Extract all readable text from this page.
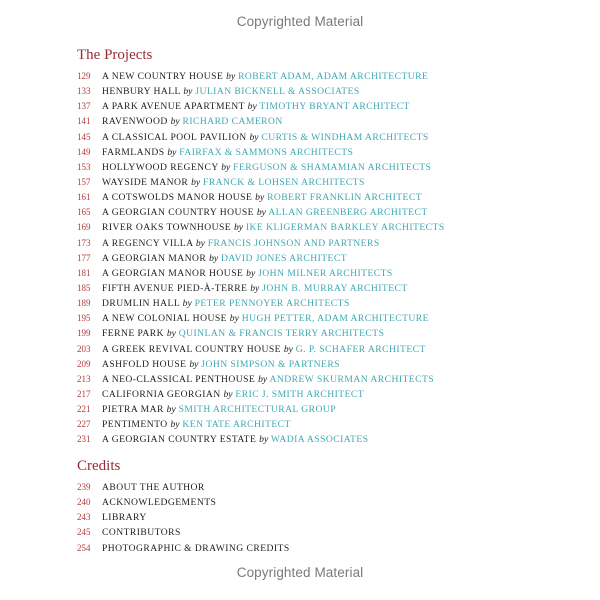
Copyrighted Material
The Projects
129 A NEW COUNTRY HOUSE by ROBERT ADAM, ADAM ARCHITECTURE
133 HENBURY HALL by JULIAN BICKNELL & ASSOCIATES
137 A PARK AVENUE APARTMENT by TIMOTHY BRYANT ARCHITECT
141 RAVENWOOD by RICHARD CAMERON
145 A CLASSICAL POOL PAVILION by CURTIS & WINDHAM ARCHITECTS
149 FARMLANDS by FAIRFAX & SAMMONS ARCHITECTS
153 HOLLYWOOD REGENCY by FERGUSON & SHAMAMIAN ARCHITECTS
157 WAYSIDE MANOR by FRANCK & LOHSEN ARCHITECTS
161 A COTSWOLDS MANOR HOUSE by ROBERT FRANKLIN ARCHITECT
165 A GEORGIAN COUNTRY HOUSE by ALLAN GREENBERG ARCHITECT
169 RIVER OAKS TOWNHOUSE by IKE KLIGERMAN BARKLEY ARCHITECTS
173 A REGENCY VILLA by FRANCIS JOHNSON AND PARTNERS
177 A GEORGIAN MANOR by DAVID JONES ARCHITECT
181 A GEORGIAN MANOR HOUSE by JOHN MILNER ARCHITECTS
185 FIFTH AVENUE PIED-À-TERRE by JOHN B. MURRAY ARCHITECT
189 DRUMLIN HALL by PETER PENNOYER ARCHITECTS
195 A NEW COLONIAL HOUSE by HUGH PETTER, ADAM ARCHITECTURE
199 FERNE PARK by QUINLAN & FRANCIS TERRY ARCHITECTS
203 A GREEK REVIVAL COUNTRY HOUSE by G. P. SCHAFER ARCHITECT
209 ASHFOLD HOUSE by JOHN SIMPSON & PARTNERS
213 A NEO-CLASSICAL PENTHOUSE by ANDREW SKURMAN ARCHITECTS
217 CALIFORNIA GEORGIAN by ERIC J. SMITH ARCHITECT
221 PIETRA MAR by SMITH ARCHITECTURAL GROUP
227 PENTIMENTO by KEN TATE ARCHITECT
231 A GEORGIAN COUNTRY ESTATE by WADIA ASSOCIATES
Credits
239 ABOUT THE AUTHOR
240 ACKNOWLEDGEMENTS
243 LIBRARY
245 CONTRIBUTORS
254 PHOTOGRAPHIC & DRAWING CREDITS
Copyrighted Material
